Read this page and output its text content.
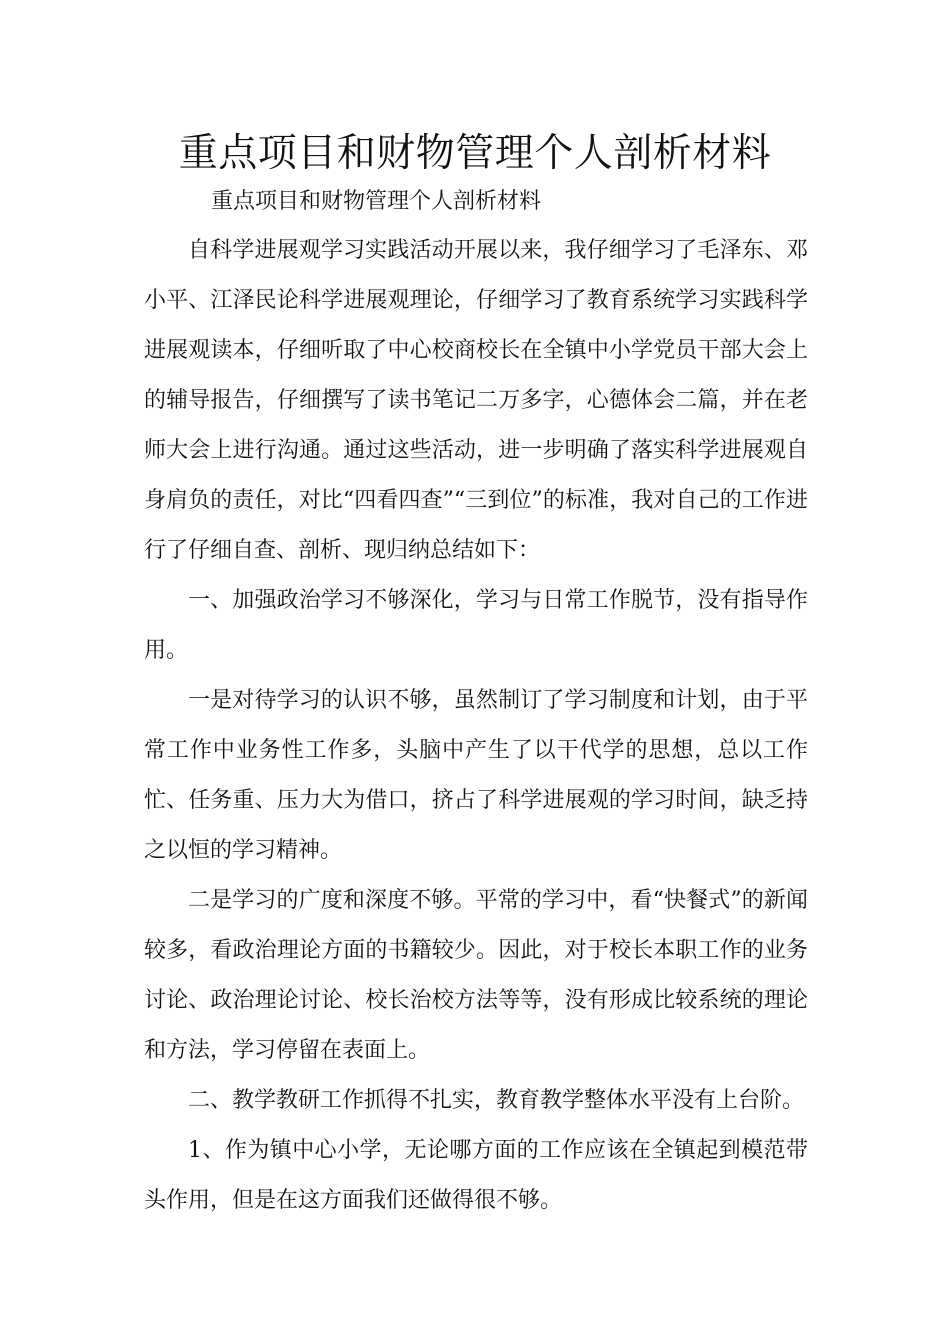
重点项目和财物管理个人剖析材料

重点项目和财物管理个人剖析材料

自科学进展观学习实践活动开展以来，我仔细学习了毛泽东、邓小平、江泽民论科学进展观理论，仔细学习了教育系统学习实践科学进展观读本，仔细听取了中心校商校长在全镇中小学党员干部大会上的辅导报告，仔细撰写了读书笔记二万多字，心德体会二篇，并在老师大会上进行沟通。通过这些活动，进一步明确了落实科学进展观自身肩负的责任，对比“四看四查”“三到位”的标准，我对自己的工作进行了仔细自查、剖析、现归纳总结如下：

一、加强政治学习不够深化，学习与日常工作脱节，没有指导作用。

一是对待学习的认识不够，虽然制订了学习制度和计划，由于平常工作中业务性工作多，头脑中产生了以干代学的思想，总以工作忙、任务重、压力大为借口，挤占了科学进展观的学习时间，缺乏持之以恒的学习精神。

二是学习的广度和深度不够。平常的学习中，看“快餐式”的新闻较多，看政治理论方面的书籍较少。因此，对于校长本职工作的业务讨论、政治理论讨论、校长治校方法等等，没有形成比较系统的理论和方法，学习停留在表面上。

二、教学教研工作抓得不扎实，教育教学整体水平没有上台阶。

1、作为镇中心小学，无论哪方面的工作应该在全镇起到模范带头作用，但是在这方面我们还做得很不够。
